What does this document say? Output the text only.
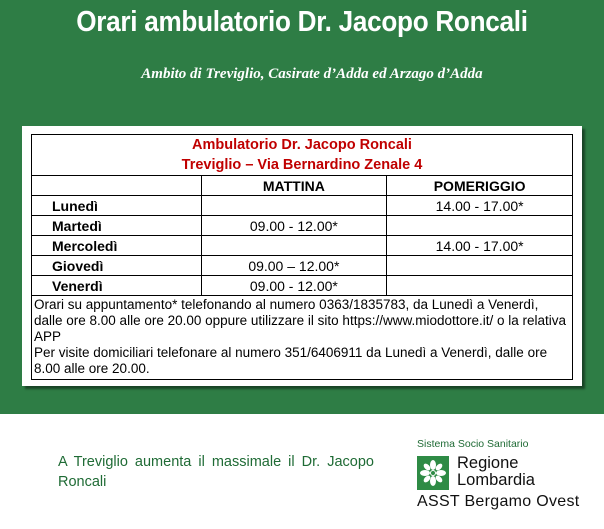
Orari ambulatorio Dr. Jacopo Roncali
Ambito di Treviglio, Casirate d’Adda ed Arzago d’Adda
Ambulatorio Dr. Jacopo Roncali
Treviglio – Via Bernardino Zenale 4		

	MATTINA	POMERIGGIO
Lunedì		14.00 - 17.00*
Martedì	09.00 - 12.00*	
Mercoledì		14.00 - 17.00*
Giovedì	09.00 – 12.00*	
Venerdì	09.00 - 12.00*	

Orari su appuntamento* telefonando al numero 0363/1835783, da Lunedì a Venerdì, dalle ore 8.00 alle ore 20.00 oppure utilizzare il sito https://www.miodottore.it/ o la relativa APP

Per visite domiciliari telefonare al numero 351/6406911 da Lunedì a Venerdì, dalle ore 8.00 alle ore 20.00.		

A Treviglio aumenta il massimale il Dr. Jacopo Roncali
Sistema Socio Sanitario
Regione
Lombardia
ASST Bergamo Ovest
